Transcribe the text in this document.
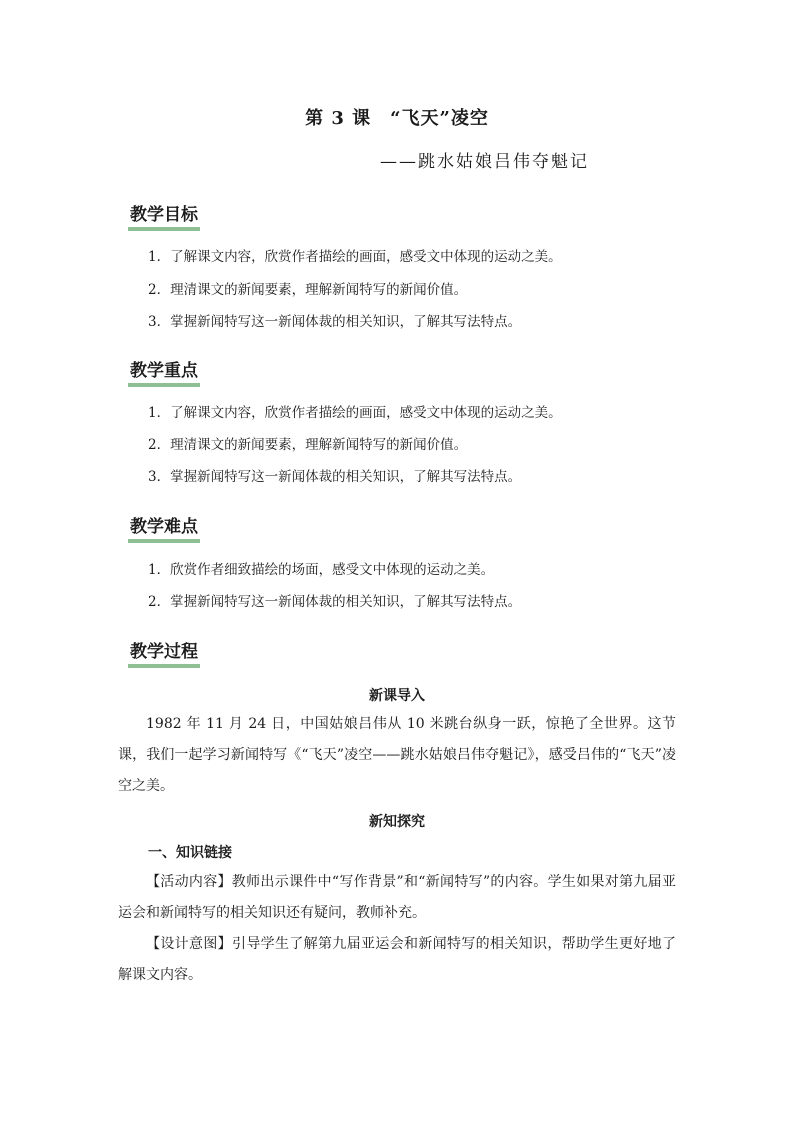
第 3 课　“飞天”凌空
——跳水姑娘吕伟夺魁记
教学目标
1．了解课文内容，欣赏作者描绘的画面，感受文中体现的运动之美。
2．理清课文的新闻要素，理解新闻特写的新闻价值。
3．掌握新闻特写这一新闻体裁的相关知识，了解其写法特点。
教学重点
1．了解课文内容，欣赏作者描绘的画面，感受文中体现的运动之美。
2．理清课文的新闻要素，理解新闻特写的新闻价值。
3．掌握新闻特写这一新闻体裁的相关知识，了解其写法特点。
教学难点
1．欣赏作者细致描绘的场面，感受文中体现的运动之美。
2．掌握新闻特写这一新闻体裁的相关知识，了解其写法特点。
教学过程
新课导入
1982 年 11 月 24 日，中国姑娘吕伟从 10 米跳台纵身一跃，惊艳了全世界。这节课，我们一起学习新闻特写《“飞天”凌空——跳水姑娘吕伟夺魁记》，感受吕伟的“飞天”凌空之美。
新知探究
一、知识链接
【活动内容】教师出示课件中“写作背景”和“新闻特写”的内容。学生如果对第九届亚运会和新闻特写的相关知识还有疑问，教师补充。
【设计意图】引导学生了解第九届亚运会和新闻特写的相关知识，帮助学生更好地了解课文内容。
